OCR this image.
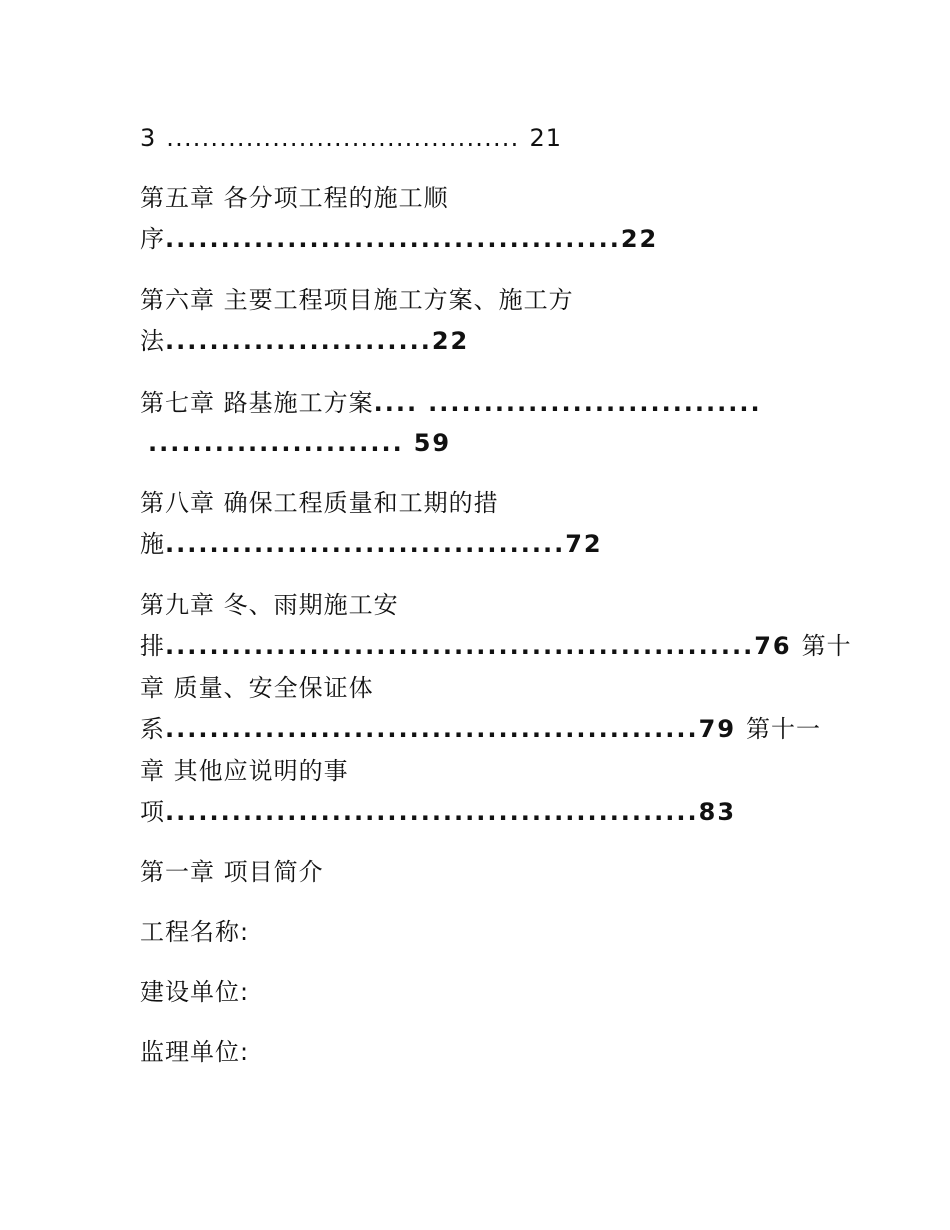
3 ........................................ 21
第五章 各分项工程的施工顺
序.........................................22
第六章 主要工程项目施工方案、施工方
法........................22
第七章 路基施工方案.... ..............................
....................... 59
第八章 确保工程质量和工期的措
施....................................72
第九章 冬、雨期施工安
排.....................................................76 第十
章 质量、安全保证体
系................................................79 第十一
章 其他应说明的事
项................................................83
第一章 项目简介
工程名称:
建设单位:
监理单位:
